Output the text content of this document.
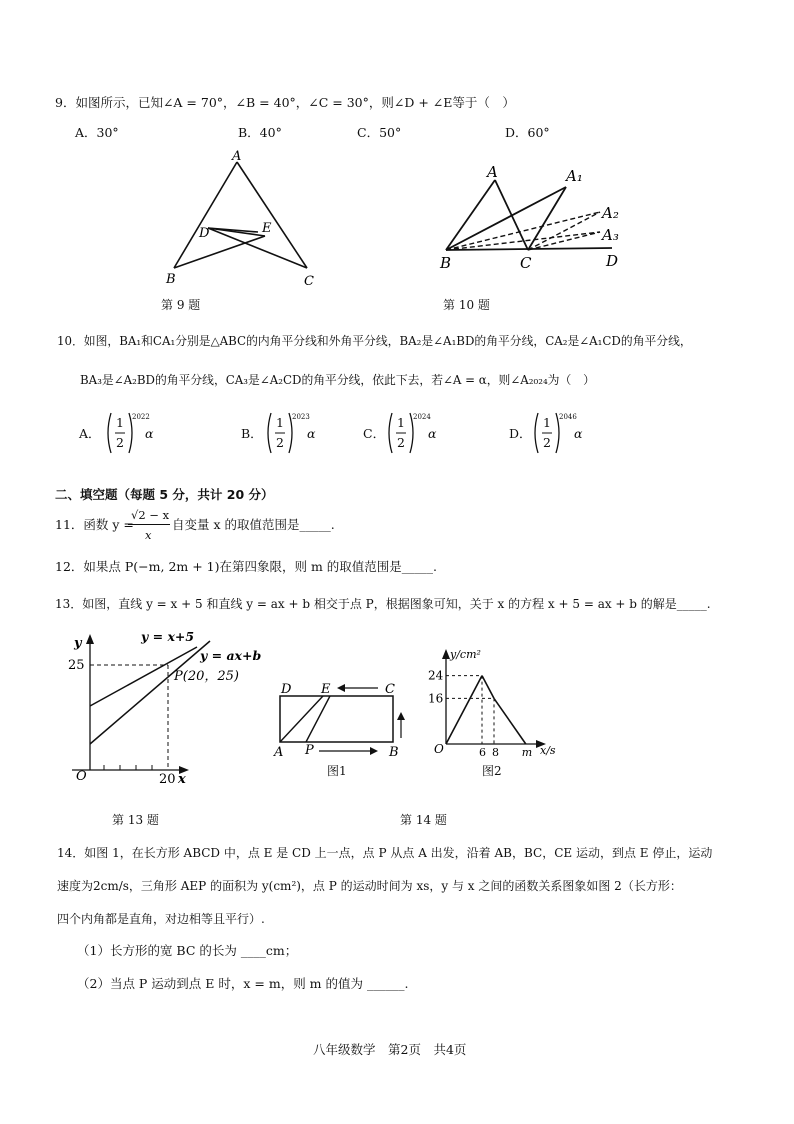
9．如图所示，已知∠A = 70°，∠B = 40°，∠C = 30°，则∠D + ∠E等于（　）
A．30°	B．40°	C．50°	D．60°
A
B	C
D	E
第 9 题
A	A₁
A₂
A₃
B	C	D
第 10 题
10．如图，BA₁和CA₁分别是△ABC的内角平分线和外角平分线，BA₂是∠A₁BD的角平分线，CA₂是∠A₁CD的角平分线，
BA₃是∠A₂BD的角平分线，CA₃是∠A₂CD的角平分线，依此下去，若∠A = α，则∠A₂₀₂₄为（　）
A．
1
2
2022
α	B．
1
2
2023
α	C．
1
2
2024
α	D．
1
2
2046
α
二、填空题（每题 5 分，共计 20 分）
11．函数 y =
√2 − x
x
自变量 x 的取值范围是_____.
12．如果点 P(−m, 2m + 1)在第四象限，则 m 的取值范围是_____.
13．如图，直线 y = x + 5 和直线 y = ax + b 相交于点 P，根据图象可知，关于 x 的方程 x + 5 = ax + b 的解是_____.
y
x
O
25
20
y = x+5
y = ax+b
P(20，25)
第 13 题
D E	C
A P	B
图1
24
16
6 8 m
y/cm²
x/s
O
图2
第 14 题
14．如图 1，在长方形 ABCD 中，点 E 是 CD 上一点，点 P 从点 A 出发，沿着 AB，BC，CE 运动，到点 E 停止，运动
速度为2cm/s，三角形 AEP 的面积为 y(cm²)，点 P 的运动时间为 xs，y 与 x 之间的函数关系图象如图 2（长方形：
四个内角都是直角，对边相等且平行）.
（1）长方形的宽 BC 的长为 ____cm；
（2）当点 P 运动到点 E 时，x = m，则 m 的值为 ______.
八年级数学　第2页　共4页
